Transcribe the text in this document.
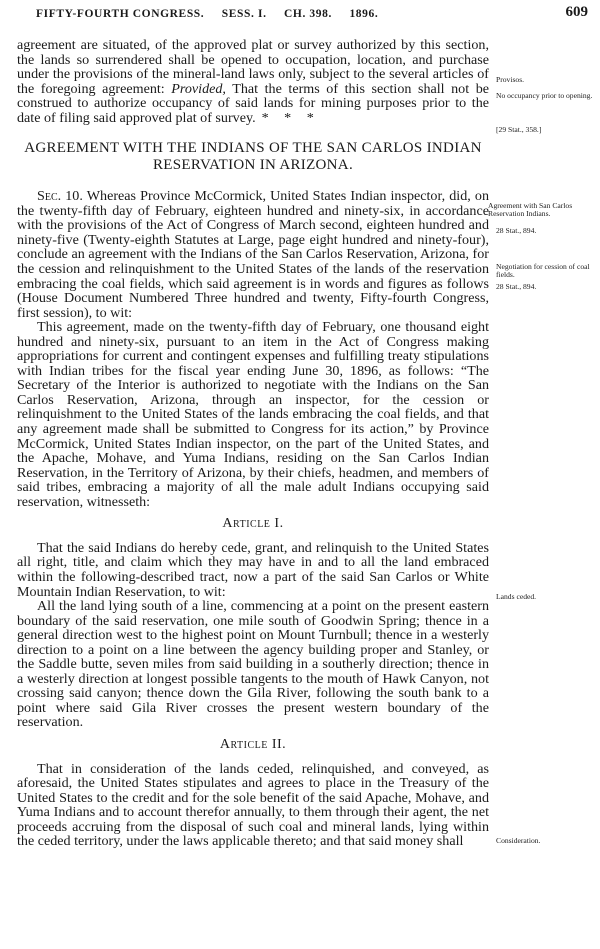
FIFTY-FOURTH CONGRESS. SESS. I. CH. 398. 1896.	609

agreement are situated, of the approved plat or survey authorized by this section, the lands so surrendered shall be opened to occupation, location, and purchase under the provisions of the mineral-land laws only, subject to the several articles of the foregoing agreement: Provided, That the terms of this section shall not be construed to authorize occupancy of said lands for mining purposes prior to the date of filing said approved plat of survey. * * *

AGREEMENT WITH THE INDIANS OF THE SAN CARLOS INDIAN RESERVATION IN ARIZONA.

Sec. 10. Whereas Province McCormick, United States Indian inspector, did, on the twenty-fifth day of February, eighteen hundred and ninety-six, in accordance with the provisions of the Act of Congress of March second, eighteen hundred and ninety-five (Twenty-eighth Statutes at Large, page eight hundred and ninety-four), conclude an agreement with the Indians of the San Carlos Reservation, Arizona, for the cession and relinquishment to the United States of the lands of the reservation embracing the coal fields, which said agreement is in words and figures as follows (House Document Numbered Three hundred and twenty, Fifty-fourth Congress, first session), to wit:

This agreement, made on the twenty-fifth day of February, one thousand eight hundred and ninety-six, pursuant to an item in the Act of Congress making appropriations for current and contingent expenses and fulfilling treaty stipulations with Indian tribes for the fiscal year ending June 30, 1896, as follows: “The Secretary of the Interior is authorized to negotiate with the Indians on the San Carlos Reservation, Arizona, through an inspector, for the cession or relinquishment to the United States of the lands embracing the coal fields, and that any agreement made shall be submitted to Congress for its action,” by Province McCormick, United States Indian inspector, on the part of the United States, and the Apache, Mohave, and Yuma Indians, residing on the San Carlos Indian Reservation, in the Territory of Arizona, by their chiefs, headmen, and members of said tribes, embracing a majority of all the male adult Indians occupying said reservation, witnesseth:

Article I.

That the said Indians do hereby cede, grant, and relinquish to the United States all right, title, and claim which they may have in and to all the land embraced within the following-described tract, now a part of the said San Carlos or White Mountain Indian Reservation, to wit:

All the land lying south of a line, commencing at a point on the present eastern boundary of the said reservation, one mile south of Goodwin Spring; thence in a general direction west to the highest point on Mount Turnbull; thence in a westerly direction to a point on a line between the agency building proper and Stanley, or the Saddle butte, seven miles from said building in a southerly direction; thence in a westerly direction at longest possible tangents to the mouth of Hawk Canyon, not crossing said canyon; thence down the Gila River, following the south bank to a point where said Gila River crosses the present western boundary of the reservation.

Article II.

That in consideration of the lands ceded, relinquished, and conveyed, as aforesaid, the United States stipulates and agrees to place in the Treasury of the United States to the credit and for the sole benefit of the said Apache, Mohave, and Yuma Indians and to account therefor annually, to them through their agent, the net proceeds accruing from the disposal of such coal and mineral lands, lying within the ceded territory, under the laws applicable thereto; and that said money shall

Provisos.
No occupancy prior to opening.
[29 Stat., 358.]
Agreement with San Carlos Reservation Indians.
28 Stat., 894.
Negotiation for cession of coal fields.
28 Stat., 894.
Lands ceded.
Consideration.
